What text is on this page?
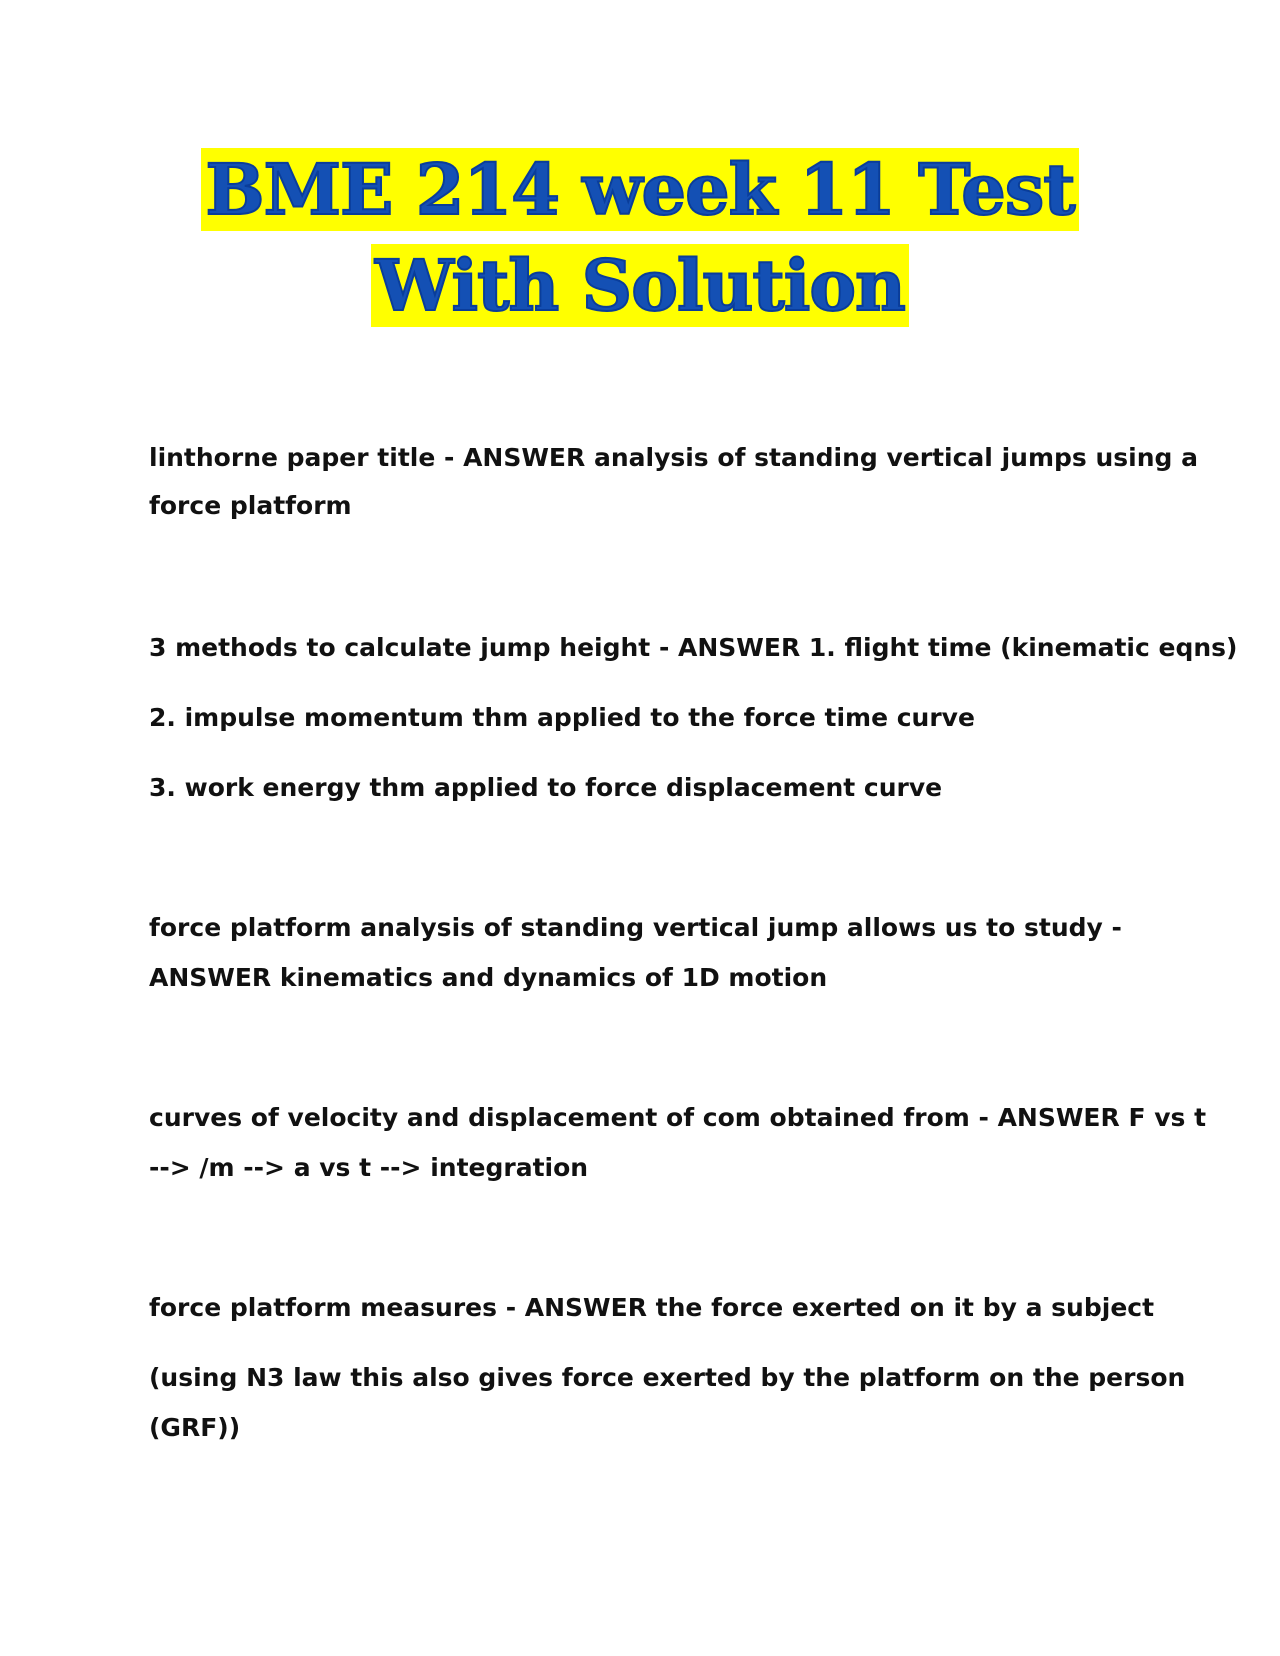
BME 214 week 11 Test
With Solution
linthorne paper title - ANSWER analysis of standing vertical jumps using a
force platform
3 methods to calculate jump height - ANSWER 1. flight time (kinematic eqns)
2. impulse momentum thm applied to the force time curve
3. work energy thm applied to force displacement curve
force platform analysis of standing vertical jump allows us to study -
ANSWER kinematics and dynamics of 1D motion
curves of velocity and displacement of com obtained from - ANSWER F vs t
--> /m --> a vs t --> integration
force platform measures - ANSWER the force exerted on it by a subject
(using N3 law this also gives force exerted by the platform on the person
(GRF))
